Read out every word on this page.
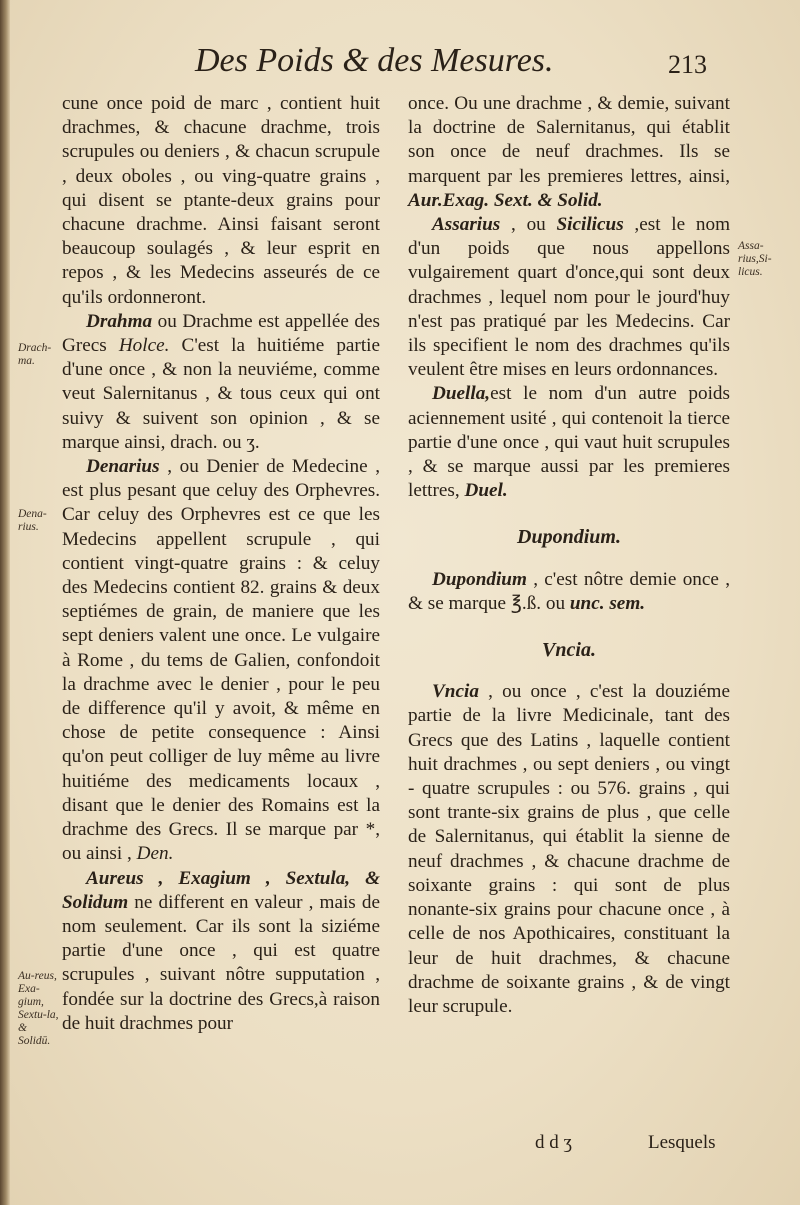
Des Poids & des Mesures.	213
Drach-ma.
Dena-rius.
Au-reus, Exa-gium, Sextu-la, & Solidū.
Assa-rius,Si-licus.

cune once poid de marc , contient huit drachmes, & chacune drachme, trois scrupules ou deniers , & chacun scrupule , deux oboles , ou ving-quatre grains , qui disent se ptante-deux grains pour chacune drachme. Ainsi faisant seront beaucoup soulagés , & leur esprit en repos , & les Medecins asseurés de ce qu'ils ordonneront.

Drahma ou Drachme est appellée des Grecs Holce. C'est la huitiéme partie d'une once , & non la neuviéme, comme veut Salernitanus , & tous ceux qui ont suivy & suivent son opinion , & se marque ainsi, drach. ou ʒ.

Denarius , ou Denier de Medecine , est plus pesant que celuy des Orphevres. Car celuy des Orphevres est ce que les Medecins appellent scrupule , qui contient vingt-quatre grains : & celuy des Medecins contient 82. grains & deux septiémes de grain, de maniere que les sept deniers valent une once. Le vulgaire à Rome , du tems de Galien, confondoit la drachme avec le denier , pour le peu de difference qu'il y avoit, & même en chose de petite consequence : Ainsi qu'on peut colliger de luy même au livre huitiéme des medicaments locaux , disant que le denier des Romains est la drachme des Grecs. Il se marque par *, ou ainsi , Den.

Aureus , Exagium , Sextula, & Solidum ne different en valeur , mais de nom seulement. Car ils sont la siziéme partie d'une once , qui est quatre scrupules , suivant nôtre supputation , fondée sur la doctrine des Grecs,à raison de huit drachmes pour

once. Ou une drachme , & demie, suivant la doctrine de Salernitanus, qui établit son once de neuf drachmes. Ils se marquent par les premieres lettres, ainsi, Aur.Exag. Sext. & Solid.

Assarius , ou Sicilicus ,est le nom d'un poids que nous appellons vulgairement quart d'once,qui sont deux drachmes , lequel nom pour le jourd'huy n'est pas pratiqué par les Medecins. Car ils specifient le nom des drachmes qu'ils veulent être mises en leurs ordonnances.

Duella,est le nom d'un autre poids aciennement usité , qui contenoit la tierce partie d'une once , qui vaut huit scrupules , & se marque aussi par les premieres lettres, Duel.

Dupondium.

Dupondium , c'est nôtre demie once , & se marque ℥.ß. ou unc. sem.

Vncia.

Vncia , ou once , c'est la douziéme partie de la livre Medicinale, tant des Grecs que des Latins , laquelle contient huit drachmes , ou sept deniers , ou vingt - quatre scrupules : ou 576. grains , qui sont trante-six grains de plus , que celle de Salernitanus, qui établit la sienne de neuf drachmes , & chacune drachme de soixante grains : qui sont de plus nonante-six grains pour chacune once , à celle de nos Apothicaires, constituant la leur de huit drachmes, & chacune drachme de soixante grains , & de vingt leur scrupule.

d d ʒ	Lesquels
